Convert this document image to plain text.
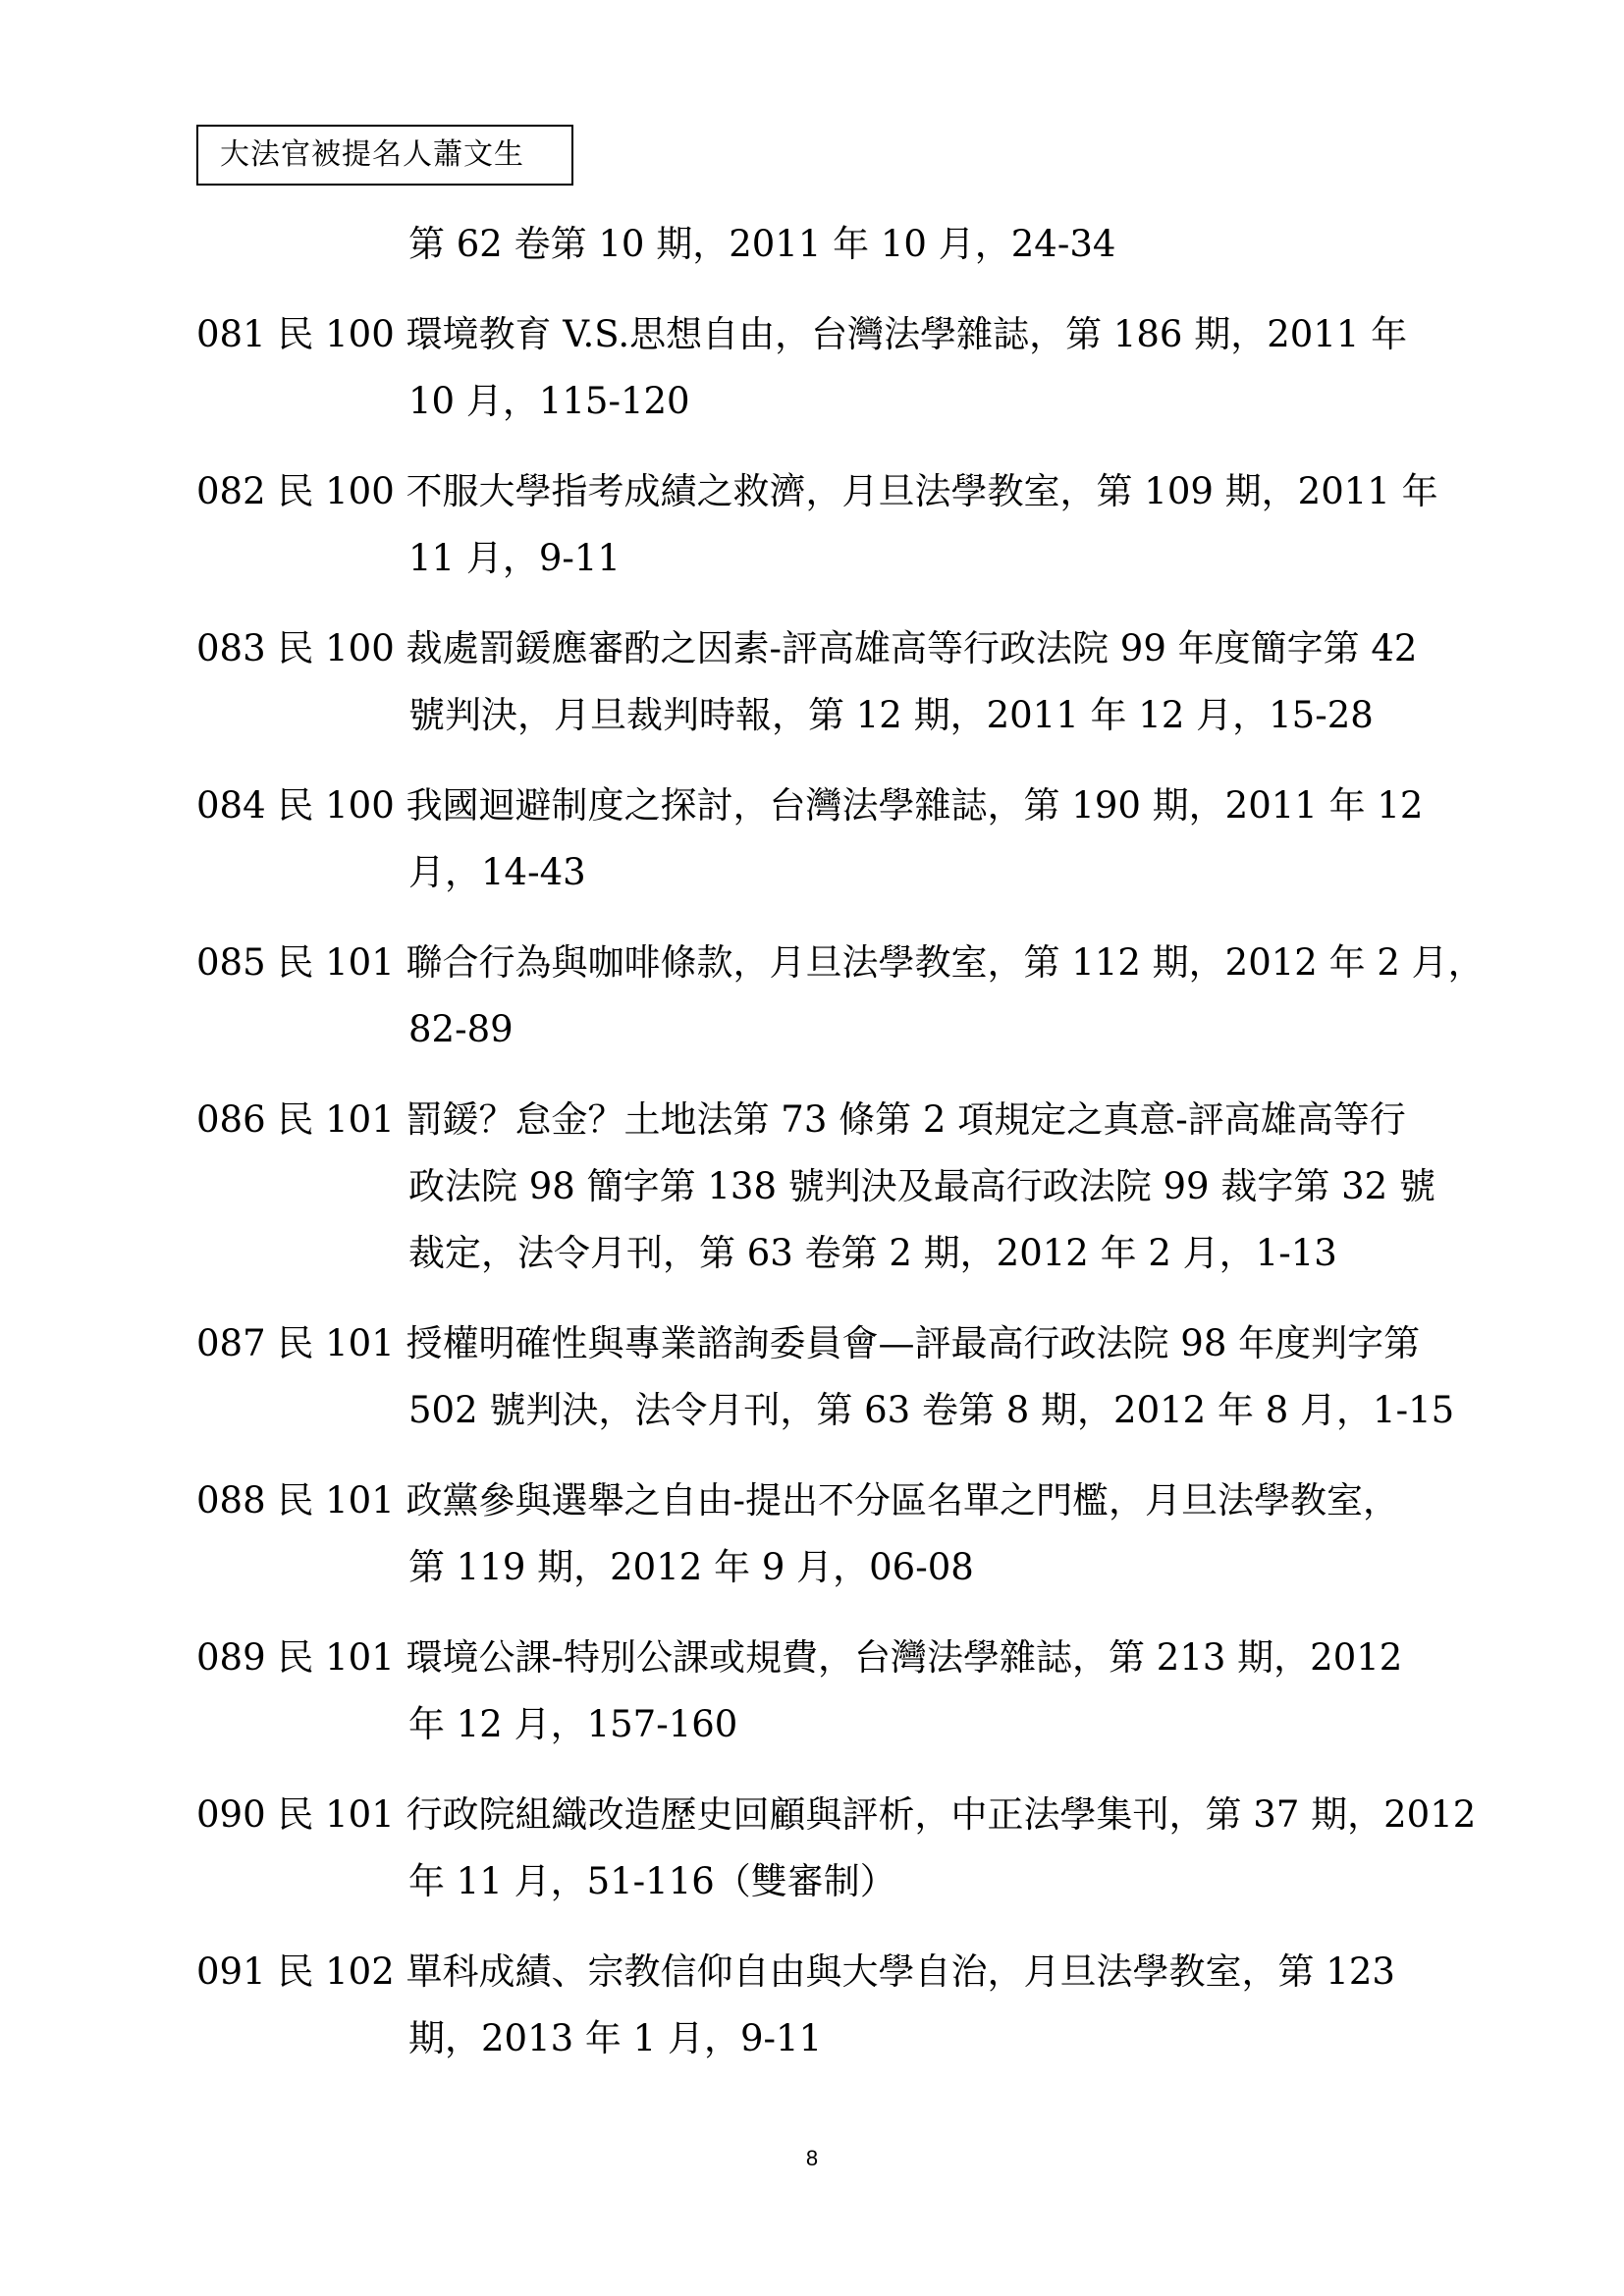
大法官被提名人蕭文生
第 62 卷第 10 期，2011 年 10 月，24-34
081 民 100 環境教育 V.S.思想自由，台灣法學雜誌，第 186 期，2011 年
10 月，115-120
082 民 100 不服大學指考成績之救濟，月旦法學教室，第 109 期，2011 年
11 月，9-11
083 民 100 裁處罰鍰應審酌之因素-評高雄高等行政法院 99 年度簡字第 42
號判決，月旦裁判時報，第 12 期，2011 年 12 月，15-28
084 民 100 我國迴避制度之探討，台灣法學雜誌，第 190 期，2011 年 12
月，14-43
085 民 101 聯合行為與咖啡條款，月旦法學教室，第 112 期，2012 年 2 月，
82-89
086 民 101 罰鍰？怠金？土地法第 73 條第 2 項規定之真意-評高雄高等行
政法院 98 簡字第 138 號判決及最高行政法院 99 裁字第 32 號
裁定，法令月刊，第 63 卷第 2 期，2012 年 2 月，1-13
087 民 101 授權明確性與專業諮詢委員會—評最高行政法院 98 年度判字第
502 號判決，法令月刊，第 63 卷第 8 期，2012 年 8 月，1-15
088 民 101 政黨參與選舉之自由-提出不分區名單之門檻，月旦法學教室，
第 119 期，2012 年 9 月，06-08
089 民 101 環境公課-特別公課或規費，台灣法學雜誌，第 213 期，2012
年 12 月，157-160
090 民 101 行政院組織改造歷史回顧與評析，中正法學集刊，第 37 期，2012
年 11 月，51-116（雙審制）
091 民 102 單科成績、宗教信仰自由與大學自治，月旦法學教室，第 123
期，2013 年 1 月，9-11
8
